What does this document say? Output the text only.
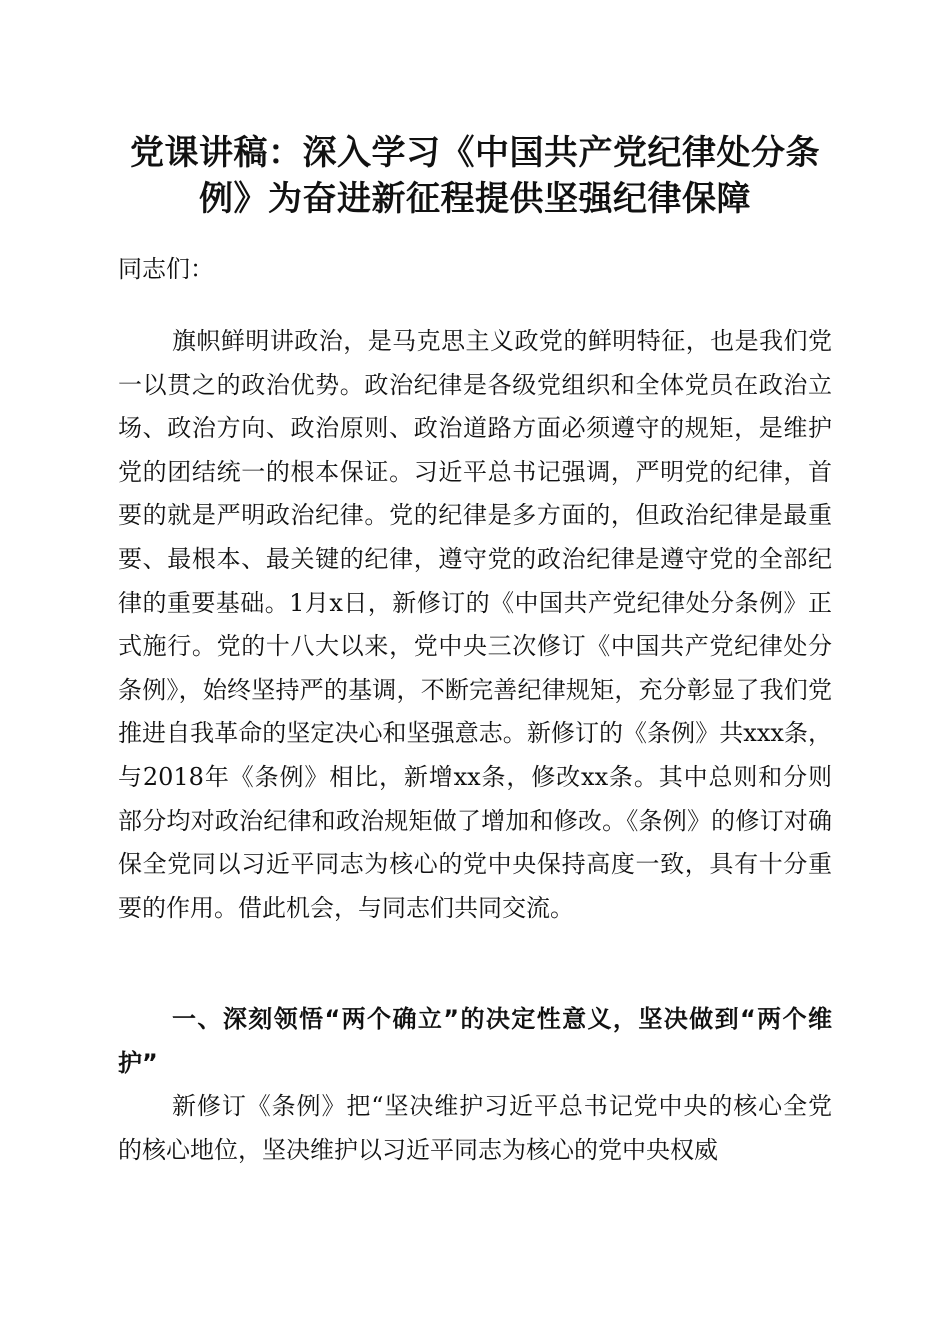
党课讲稿：深入学习《中国共产党纪律处分条
例》为奋进新征程提供坚强纪律保障

同志们：

旗帜鲜明讲政治，是马克思主义政党的鲜明特征，也是我们党一以贯之的政治优势。政治纪律是各级党组织和全体党员在政治立场、政治方向、政治原则、政治道路方面必须遵守的规矩，是维护党的团结统一的根本保证。习近平总书记强调，严明党的纪律，首要的就是严明政治纪律。党的纪律是多方面的，但政治纪律是最重要、最根本、最关键的纪律，遵守党的政治纪律是遵守党的全部纪律的重要基础。1月x日，新修订的《中国共产党纪律处分条例》正式施行。党的十八大以来，党中央三次修订《中国共产党纪律处分条例》，始终坚持严的基调，不断完善纪律规矩，充分彰显了我们党推进自我革命的坚定决心和坚强意志。新修订的《条例》共xxx条，与2018年《条例》相比，新增xx条，修改xx条。其中总则和分则部分均对政治纪律和政治规矩做了增加和修改。《条例》的修订对确保全党同以习近平同志为核心的党中央保持高度一致，具有十分重要的作用。借此机会，与同志们共同交流。

一、深刻领悟“两个确立”的决定性意义，坚决做到“两个维护”

新修订《条例》把“坚决维护习近平总书记党中央的核心全党的核心地位，坚决维护以习近平同志为核心的党中央权威
